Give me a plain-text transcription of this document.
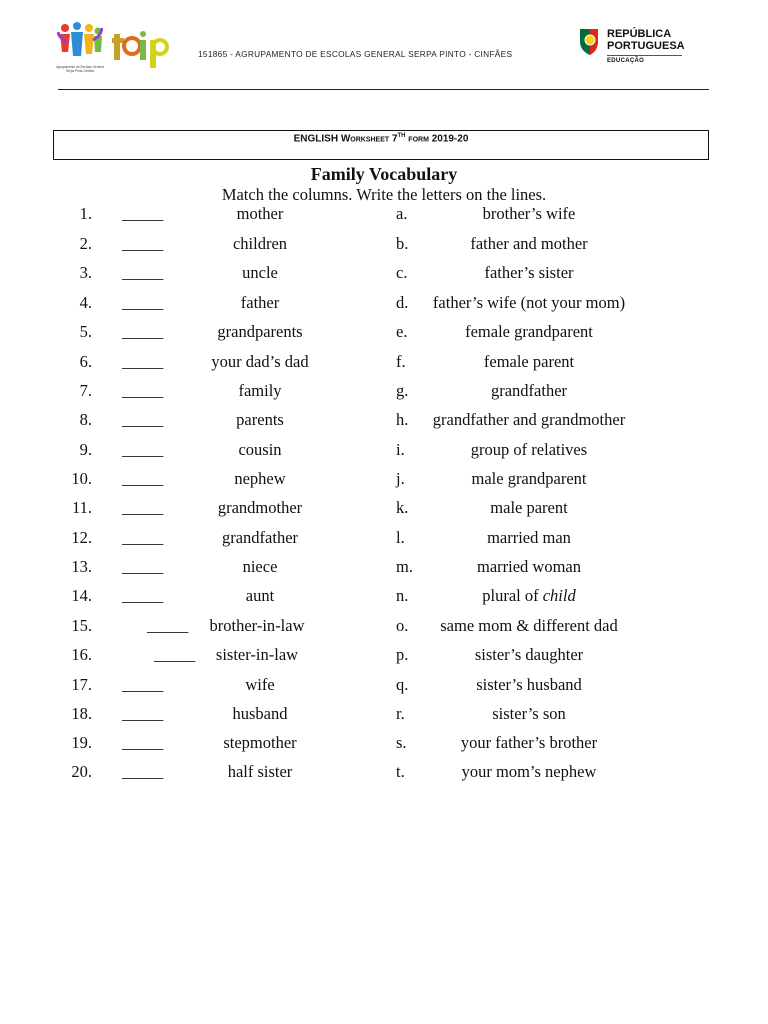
Agrupamento de Escolas General Serpa Pinto-Cinfães
151865 - AGRUPAMENTO DE ESCOLAS GENERAL SERPA PINTO - CINFÃES
REPÚBLICA
PORTUGUESA
EDUCAÇÃO
ENGLISH Worksheet 7TH form 2019-20
Family Vocabulary
Match the columns. Write the letters on the lines.
1. _____	mother	a.	brother’s wife
2. _____	children	b.	father and mother
3. _____	uncle	c.	father’s sister
4. _____	father	d.	father’s wife (not your mom)
5. _____	grandparents	e.	female grandparent
6. _____	your dad’s dad	f.	female parent
7. _____	family	g.	grandfather
8. _____	parents	h.	grandfather and grandmother
9. _____	cousin	i.	group of relatives
10. _____	nephew	j.	male grandparent
11. _____	grandmother	k.	male parent
12. _____	grandfather	l.	married man
13. _____	niece	m.	married woman
14. _____	aunt	n.	plural of child
15.	_____	brother-in-law	o.	same mom & different dad
16.	_____	sister-in-law	p.	sister’s daughter
17. _____	wife	q.	sister’s husband
18. _____	husband	r.	sister’s son
19. _____	stepmother	s.	your father’s brother
20. _____	half sister	t.	your mom’s nephew
